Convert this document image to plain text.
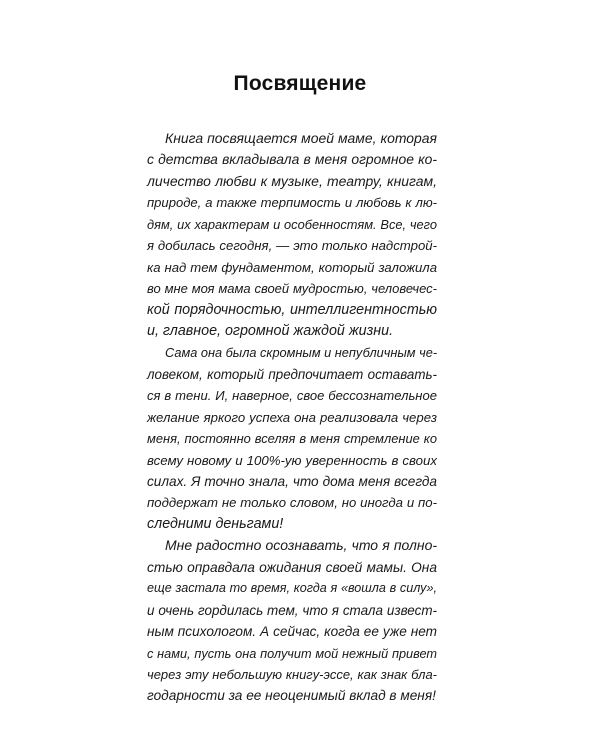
Посвящение
Книга посвящается моей маме, которая
с детства вкладывала в меня огромное ко-
личество любви к музыке, театру, книгам,
природе, а также терпимость и любовь к лю-
дям, их характерам и особенностям. Все, чего
я добилась сегодня, — это только надстрой-
ка над тем фундаментом, который заложила
во мне моя мама своей мудростью, человечес-
кой порядочностью, интеллигентностью
и, главное, огромной жаждой жизни.
Сама она была скромным и непубличным че-
ловеком, который предпочитает оставать-
ся в тени. И, наверное, свое бессознательное
желание яркого успеха она реализовала через
меня, постоянно вселяя в меня стремление ко
всему новому и 100%-ую уверенность в своих
силах. Я точно знала, что дома меня всегда
поддержат не только словом, но иногда и по-
следними деньгами!
Мне радостно осознавать, что я полно-
стью оправдала ожидания своей мамы. Она
еще застала то время, когда я «вошла в силу»,
и очень гордилась тем, что я стала извест-
ным психологом. А сейчас, когда ее уже нет
с нами, пусть она получит мой нежный привет
через эту небольшую книгу-эссе, как знак бла-
годарности за ее неоценимый вклад в меня!
